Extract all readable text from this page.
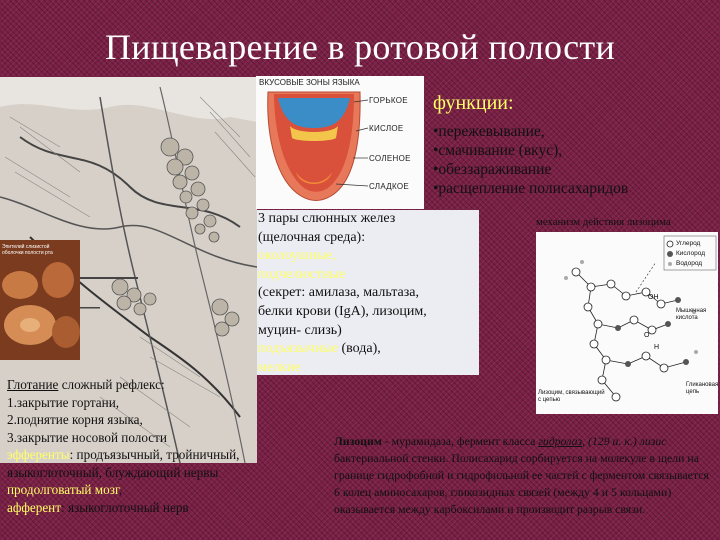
Пищеварение в ротовой полости
Эпителий слизистой оболочки полости рта
ВКУСОВЫЕ ЗОНЫ ЯЗЫКА
ГОРЬКОЕ
КИСЛОЕ
СОЛЕНОЕ
СЛАДКОЕ
функции:
•пережевывание,
•смачивание (вкус),
•обеззараживание
•расщепление полисахаридов
3 пары слюнных желез
(щелочная среда):
околоушные,
подчелюстные
(секрет: амилаза, мальтаза,
белки крови (IgA), лизоцим,
муцин- слизь)
подъязычные (вода),
мелкие
механизм действия лизоцима
Углерод
Кислород
Водород
OH
O
H
Мышечная кислота
Лизоцим, связывающий с цепью
Гликановая цепь
Глотание сложный рефлекс:
1.закрытие гортани,
2.поднятие корня языка,
3.закрытие носовой полости
эфференты: продъязычный, тройничный,
языкоглоточный, блуждающий нервы
продолговатый мозг,
афферент: языкоглоточный нерв
Лизоцим - мурамидаза, фермент класса гидролаз, (129 а. к.) лизис бактериальной стенки. Полисахарид сорбируется на молекуле в щели на границе гидрофобной и гидрофильной ее частей с ферментом связывается 6 колец аминосахаров, гликозидных связей (между 4 и 5 кольцами) оказывается между карбоксилами и производит разрыв связи.
